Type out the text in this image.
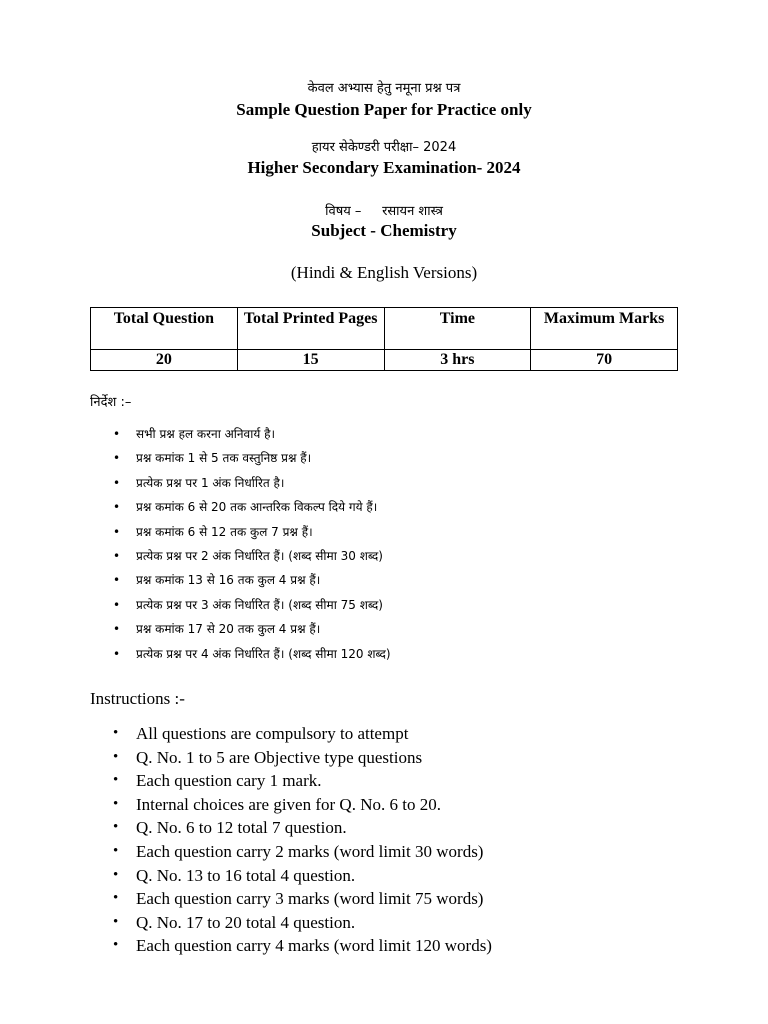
केवल अभ्यास हेतु नमूना प्रश्न पत्र
Sample Question Paper for Practice only
हायर सेकेण्डरी परीक्षा– 2024
Higher Secondary Examination- 2024
विषय –     रसायन शास्त्र
Subject - Chemistry
(Hindi & English Versions)
Total Question	Total Printed Pages	Time	Maximum Marks
20	15	3 hrs	70
निर्देश :–
• सभी प्रश्न हल करना अनिवार्य है।
• प्रश्न कमांक 1 से 5 तक वस्तुनिष्ठ प्रश्न हैं।
• प्रत्येक प्रश्न पर 1 अंक निर्धारित है।
• प्रश्न कमांक 6 से 20 तक आन्तरिक विकल्प दिये गये हैं।
• प्रश्न कमांक 6 से 12 तक कुल 7 प्रश्न हैं।
• प्रत्येक प्रश्न पर 2 अंक निर्धारित हैं। (शब्द सीमा 30 शब्द)
• प्रश्न कमांक 13 से 16 तक कुल 4 प्रश्न हैं।
• प्रत्येक प्रश्न पर 3 अंक निर्धारित हैं। (शब्द सीमा 75 शब्द)
• प्रश्न कमांक 17 से 20 तक कुल 4 प्रश्न हैं।
• प्रत्येक प्रश्न पर 4 अंक निर्धारित हैं। (शब्द सीमा 120 शब्द)
Instructions :-
• All questions are compulsory to attempt
• Q. No. 1 to 5 are Objective type questions
• Each question cary 1 mark.
• Internal choices are given for Q. No. 6 to 20.
• Q. No. 6 to 12 total 7 question.
• Each question carry 2 marks (word limit 30 words)
• Q. No. 13 to 16 total 4 question.
• Each question carry 3 marks (word limit 75 words)
• Q. No. 17 to 20 total 4 question.
• Each question carry 4 marks (word limit 120 words)
